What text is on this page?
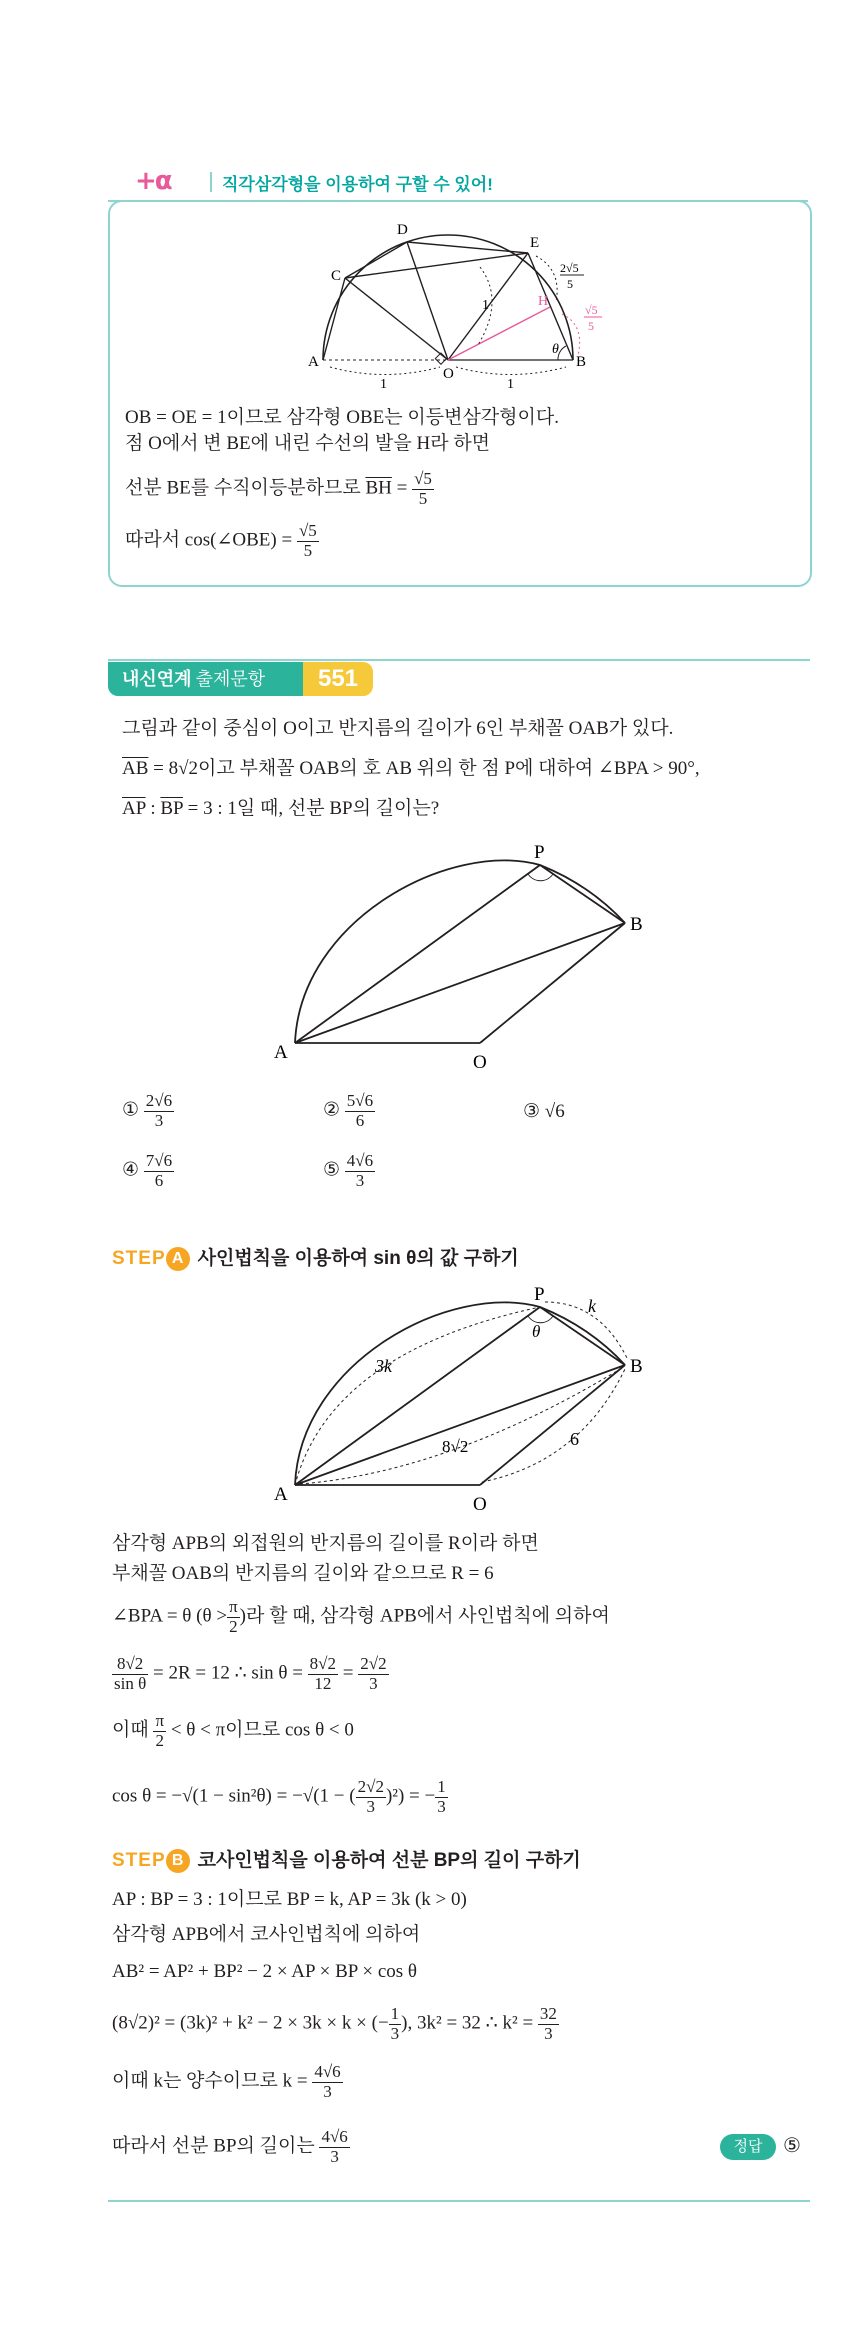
+α	직각삼각형을 이용하여 구할 수 있어!
D
E
C
A
O
B
H
θ
1
1	1
2√5
5
√5
5
OB = OE = 1이므로 삼각형 OBE는 이등변삼각형이다.
점 O에서 변 BE에 내린 수선의 발을 H라 하면
선분 BE를 수직이등분하므로 $\overline{BH} = \frac{√5}{5}$
따라서 cos(∠OBE) = $\frac{√5}{5}$
내신연계 출제문항	551
그림과 같이 중심이 O이고 반지름의 길이가 6인 부채꼴 OAB가 있다.
$\overline{AB} = 8√2$이고 부채꼴 OAB의 호 AB 위의 한 점 P에 대하여 ∠BPA > 90°,
$\overline{AP}$ : $\overline{BP} = 3$ : 1일 때, 선분 BP의 길이는?
P
B
A	O
① $\frac{2√6}{3}$	② $\frac{5√6}{6}$	③ √6
④ $\frac{7√6}{6}$	⑤ $\frac{4√6}{3}$
STEP A 사인법칙을 이용하여 sin θ의 값 구하기
P
B
A	O
k
3k
8√2	6
θ
삼각형 APB의 외접원의 반지름의 길이를 R이라 하면
부채꼴 OAB의 반지름의 길이와 같으므로 R = 6
∠BPA = θ ($\theta > \frac{\pi}{2}$ )라 할 때, 삼각형 APB에서 사인법칙에 의하여
$\frac{8√2}{\text{sin θ}} = 2R = 12$ ∴ $\sin \theta = \frac{8√2}{12} = \frac{2√2}{3}$
이때 $\frac{\pi}{2} < \theta < \pi$이므로 cos θ < 0
cos θ = −√(1 − sin²θ) = −√(1 − ( $\frac{2√2}{3} )^2$) = − $\frac{1}{3}$
STEP B 코사인법칙을 이용하여 선분 BP의 길이 구하기
AP : BP = 3 : 1이므로 BP = k, AP = 3k (k > 0)
삼각형 APB에서 코사인법칙에 의하여
AB² = AP² + BP² − 2 × AP × BP × cos θ
(8√2)² = (3k)² + k² − 2 × 3k × k × (− $\frac{1}{3}$ ), 3k² = 32 ∴ $k^2 = \frac{32}{3}$
이때 k는 양수이므로 $k = \frac{4√6}{3}$
따라서 선분 BP의 길이는 $\frac{4√6}{3}$	정답	⑤
